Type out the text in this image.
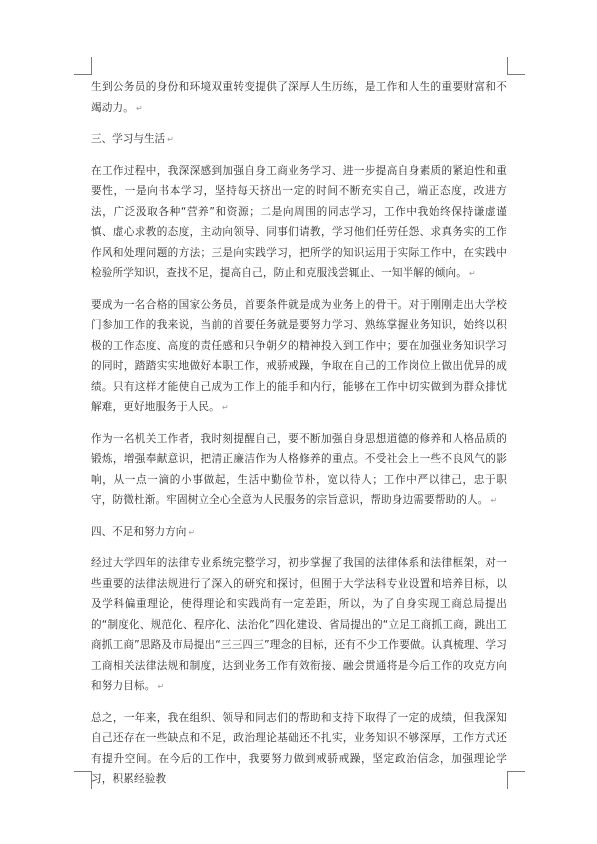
生到公务员的身份和环境双重转变提供了深厚人生历练，是工作和人生的重要财富和不竭动力。 ↵

三、学习与生活 ↵

在工作过程中，我深深感到加强自身工商业务学习、进一步提高自身素质的紧迫性和重要性，一是向书本学习，坚持每天挤出一定的时间不断充实自己，端正态度，改进方法，广泛汲取各种“营养”和资源；二是向周围的同志学习，工作中我始终保持谦虚谨慎、虚心求教的态度，主动向领导、同事们请教，学习他们任劳任怨、求真务实的工作作风和处理问题的方法；三是向实践学习，把所学的知识运用于实际工作中，在实践中检验所学知识，查找不足，提高自己，防止和克服浅尝辄止、一知半解的倾向。 ↵

要成为一名合格的国家公务员，首要条件就是成为业务上的骨干。对于刚刚走出大学校门参加工作的我来说，当前的首要任务就是要努力学习、熟练掌握业务知识，始终以积极的工作态度、高度的责任感和只争朝夕的精神投入到工作中；要在加强业务知识学习的同时，踏踏实实地做好本职工作，戒骄戒躁，争取在自己的工作岗位上做出优异的成绩。只有这样才能使自己成为工作上的能手和内行，能够在工作中切实做到为群众排忧解难，更好地服务于人民。 ↵

作为一名机关工作者，我时刻提醒自己，要不断加强自身思想道德的修养和人格品质的锻炼，增强奉献意识，把清正廉洁作为人格修养的重点。不受社会上一些不良风气的影响，从一点一滴的小事做起，生活中勤俭节朴，宽以待人；工作中严以律己，忠于职守，防微杜渐。牢固树立全心全意为人民服务的宗旨意识，帮助身边需要帮助的人。 ↵

四、不足和努力方向 ↵

经过大学四年的法律专业系统完整学习，初步掌握了我国的法律体系和法律框架，对一些重要的法律法规进行了深入的研究和探讨，但囿于大学法科专业设置和培养目标，以及学科偏重理论，使得理论和实践尚有一定差距，所以，为了自身实现工商总局提出的“制度化、规范化、程序化、法治化”四化建设、省局提出的“立足工商抓工商，跳出工商抓工商”思路及市局提出“三三四三”理念的目标，还有不少工作要做。认真梳理、学习工商相关法律法规和制度，达到业务工作有效衔接、融会贯通将是今后工作的攻克方向和努力目标。 ↵

总之，一年来，我在组织、领导和同志们的帮助和支持下取得了一定的成绩，但我深知自己还存在一些缺点和不足，政治理论基础还不扎实，业务知识不够深厚，工作方式还有提升空间。在今后的工作中，我要努力做到戒骄戒躁，坚定政治信念，加强理论学习，积累经验教
